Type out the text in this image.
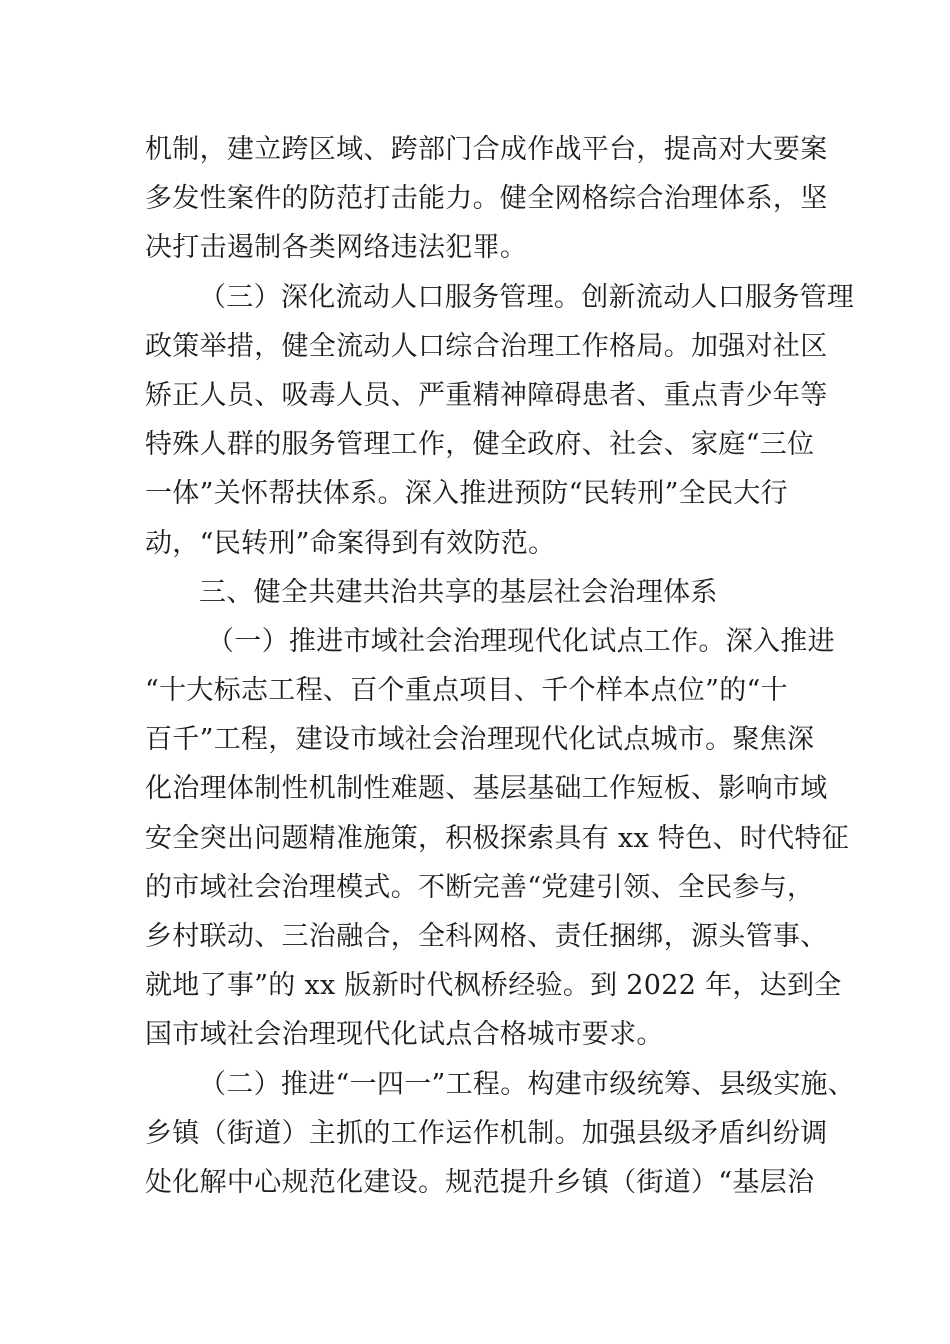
机制，建立跨区域、跨部门合成作战平台，提高对大要案
多发性案件的防范打击能力。健全网格综合治理体系，坚
决打击遏制各类网络违法犯罪。
（三）深化流动人口服务管理。创新流动人口服务管理
政策举措，健全流动人口综合治理工作格局。加强对社区
矫正人员、吸毒人员、严重精神障碍患者、重点青少年等
特殊人群的服务管理工作，健全政府、社会、家庭“三位
一体”关怀帮扶体系。深入推进预防“民转刑”全民大行
动，“民转刑”命案得到有效防范。
三、健全共建共治共享的基层社会治理体系
（一）推进市域社会治理现代化试点工作。深入推进
“十大标志工程、百个重点项目、千个样本点位”的“十
百千”工程，建设市域社会治理现代化试点城市。聚焦深
化治理体制性机制性难题、基层基础工作短板、影响市域
安全突出问题精准施策，积极探索具有 xx 特色、时代特征
的市域社会治理模式。不断完善“党建引领、全民参与，
乡村联动、三治融合，全科网格、责任捆绑，源头管事、
就地了事”的 xx 版新时代枫桥经验。到 2022 年，达到全
国市域社会治理现代化试点合格城市要求。
（二）推进“一四一”工程。构建市级统筹、县级实施、
乡镇（街道）主抓的工作运作机制。加强县级矛盾纠纷调
处化解中心规范化建设。规范提升乡镇（街道）“基层治
